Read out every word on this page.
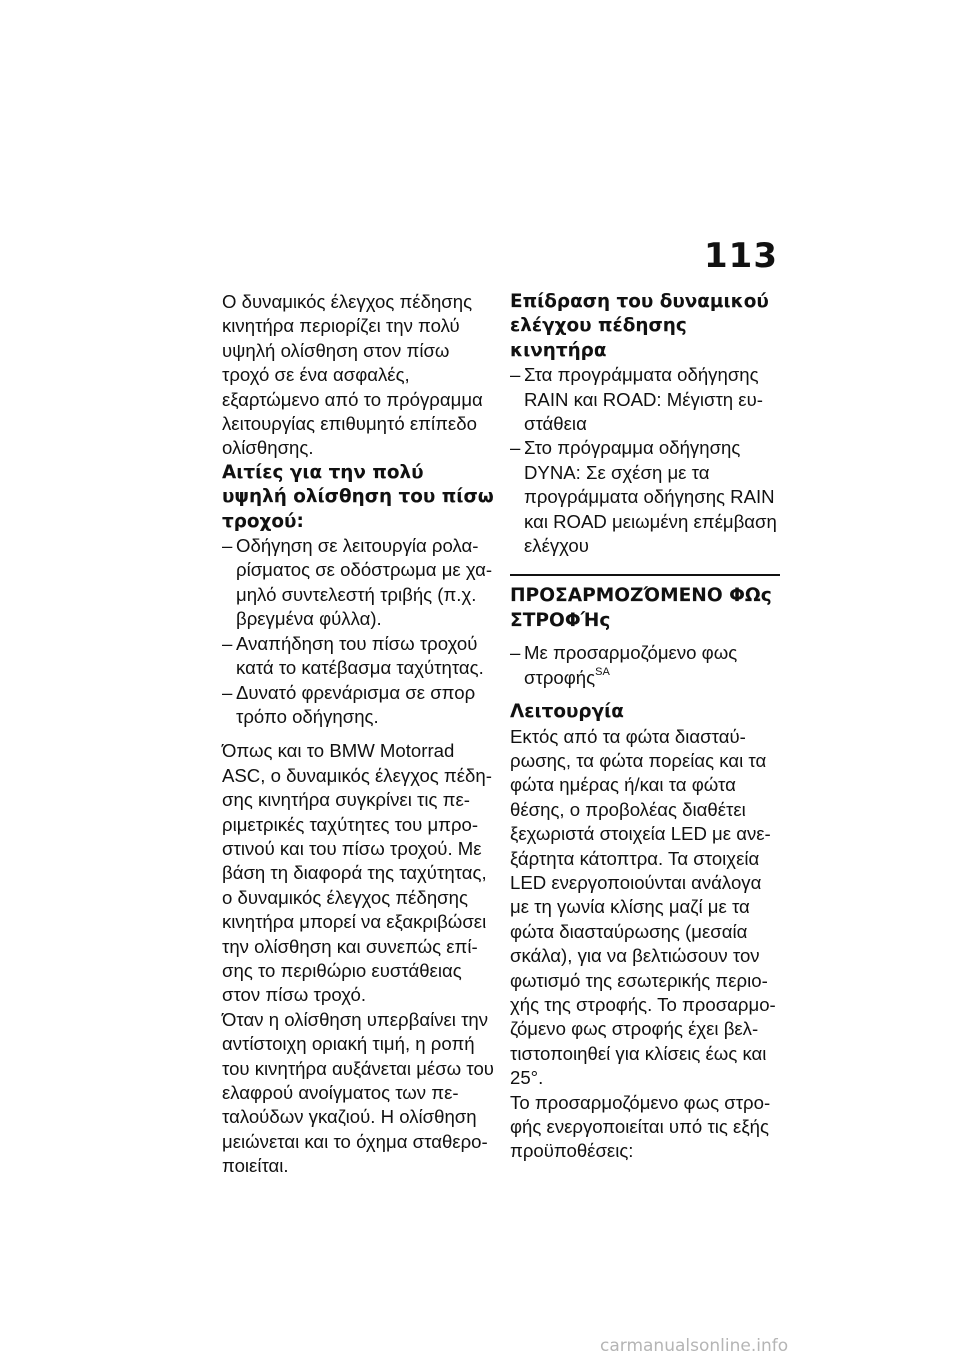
113

Ο δυναμικός έλεγχος πέδησης κινητήρα περιορίζει την πολύ υψηλή ολίσθηση στον πίσω τροχό σε ένα ασφαλές, εξαρτώμενο από το πρόγραμμα λειτουργίας επιθυμητό επίπεδο ολίσθησης.

Αιτίες για την πολύ υψηλή ολίσθηση του πίσω τροχού:
– Οδήγηση σε λειτουργία ρολα-ρίσματος σε οδόστρωμα με χα-μηλό συντελεστή τριβής (π.χ. βρεγμένα φύλλα).
– Αναπήδηση του πίσω τροχού κατά το κατέβασμα ταχύτητας.
– Δυνατό φρενάρισμα σε σπορ τρόπο οδήγησης.

Όπως και το BMW Motorrad ASC, ο δυναμικός έλεγχος πέδη-σης κινητήρα συγκρίνει τις πε-ριμετρικές ταχύτητες του μπρο-στινού και του πίσω τροχού. Με βάση τη διαφορά της ταχύτητας, ο δυναμικός έλεγχος πέδησης κινητήρα μπορεί να εξακριβώσει την ολίσθηση και συνεπώς επί-σης το περιθώριο ευστάθειας στον πίσω τροχό.

Όταν η ολίσθηση υπερβαίνει την αντίστοιχη οριακή τιμή, η ροπή του κινητήρα αυξάνεται μέσω του ελαφρού ανοίγματος των πε-ταλούδων γκαζιού. Η ολίσθηση μειώνεται και το όχημα σταθερο-ποιείται.

Επίδραση του δυναμικού ελέγχου πέδησης κινητήρα
– Στα προγράμματα οδήγησης RAIN και ROAD: Μέγιστη ευ-στάθεια
– Στο πρόγραμμα οδήγησης DYNA: Σε σχέση με τα προγράμματα οδήγησης RAIN και ROAD μειωμένη επέμβαση ελέγχου
ΠΡΟΣΑΡΜΟΖΌΜΕΝΟ ΦΩς ΣΤΡΟΦΉς
– Με προσαρμοζόμενο φως στροφής$^{SA}$
Λειτουργία

Εκτός από τα φώτα διασταύ-ρωσης, τα φώτα πορείας και τα φώτα ημέρας ή/και τα φώτα θέσης, ο προβολέας διαθέτει ξεχωριστά στοιχεία LED με ανε-ξάρτητα κάτοπτρα. Τα στοιχεία LED ενεργοποιούνται ανάλογα με τη γωνία κλίσης μαζί με τα φώτα διασταύρωσης (μεσαία σκάλα), για να βελτιώσουν τον φωτισμό της εσωτερικής περιο-χής της στροφής. Το προσαρμο-ζόμενο φως στροφής έχει βελ-τιστοποιηθεί για κλίσεις έως και 25°.

Το προσαρμοζόμενο φως στρο-φής ενεργοποιείται υπό τις εξής προϋποθέσεις:

carmanualsonline.info
